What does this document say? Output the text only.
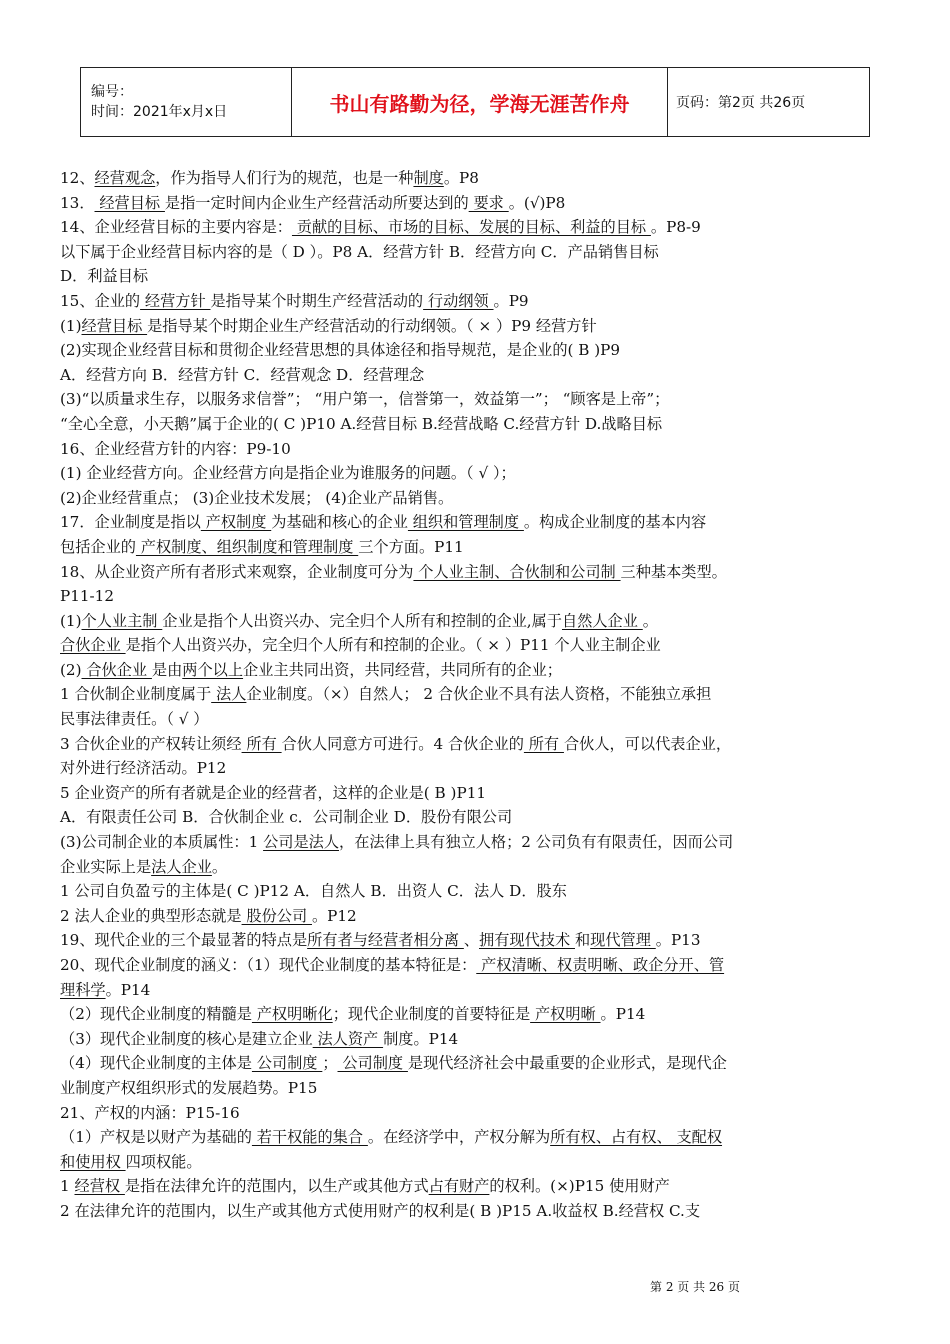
编号：
时间：2021年x月x日	书山有路勤为径，学海无涯苦作舟	页码：第2页 共26页
12、经营观念，作为指导人们行为的规范，也是一种制度。P8
13． 经营目标 是指一定时间内企业生产经营活动所要达到的 要求 。(√)P8
14、企业经营目标的主要内容是： 贡献的目标、市场的目标、发展的目标、利益的目标 。P8-9
以下属于企业经营目标内容的是（ D ）。P8 A．经营方针 B．经营方向 C．产品销售目标
D．利益目标
15、企业的 经营方针 是指导某个时期生产经营活动的 行动纲领 。P9
(1)经营目标 是指导某个时期企业生产经营活动的行动纲领。（ × ）P9 经营方针
(2)实现企业经营目标和贯彻企业经营思想的具体途径和指导规范，是企业的( B )P9
A．经营方向 B．经营方针 C．经营观念 D．经营理念
(3)“以质量求生存，以服务求信誉”； “用户第一，信誉第一，效益第一”； “顾客是上帝”；
“全心全意，小天鹅”属于企业的( C )P10 A.经营目标 B.经营战略 C.经营方针 D.战略目标
16、企业经营方针的内容：P9-10
(1) 企业经营方向。企业经营方向是指企业为谁服务的问题。（ √ ）；
(2)企业经营重点； (3)企业技术发展； (4)企业产品销售。
17．企业制度是指以 产权制度 为基础和核心的企业 组织和管理制度 。构成企业制度的基本内容
包括企业的 产权制度、组织制度和管理制度 三个方面。P11
18、从企业资产所有者形式来观察，企业制度可分为 个人业主制、合伙制和公司制 三种基本类型。
P11-12
(1)个人业主制 企业是指个人出资兴办、完全归个人所有和控制的企业,属于自然人企业 。
合伙企业 是指个人出资兴办，完全归个人所有和控制的企业。（ × ）P11 个人业主制企业
(2) 合伙企业 是由两个以上企业主共同出资，共同经营，共同所有的企业；
1 合伙制企业制度属于 法人企业制度。（×）自然人； 2 合伙企业不具有法人资格，不能独立承担
民事法律责任。（ √ ）
3 合伙企业的产权转让须经 所有 合伙人同意方可进行。4 合伙企业的 所有 合伙人，可以代表企业，
对外进行经济活动。P12
5 企业资产的所有者就是企业的经营者，这样的企业是( B )P11
A．有限责任公司 B．合伙制企业 c．公司制企业 D．股份有限公司
(3)公司制企业的本质属性：1 公司是法人，在法律上具有独立人格；2 公司负有有限责任，因而公司
企业实际上是法人企业。
1 公司自负盈亏的主体是( C )P12 A．自然人 B．出资人 C．法人 D．股东
2 法人企业的典型形态就是 股份公司 。P12
19、现代企业的三个最显著的特点是所有者与经营者相分离 、拥有现代技术 和现代管理 。P13
20、现代企业制度的涵义：（1）现代企业制度的基本特征是： 产权清晰、权责明晰、政企分开、管
理科学。P14
（2）现代企业制度的精髓是 产权明晰化；现代企业制度的首要特征是 产权明晰 。P14
（3）现代企业制度的核心是建立企业 法人资产 制度。P14
（4）现代企业制度的主体是 公司制度 ； 公司制度 是现代经济社会中最重要的企业形式，是现代企
业制度产权组织形式的发展趋势。P15
21、产权的内涵：P15-16
（1）产权是以财产为基础的 若干权能的集合 。在经济学中，产权分解为所有权、占有权、 支配权
和使用权 四项权能。
1 经营权 是指在法律允许的范围内，以生产或其他方式占有财产的权利。(×)P15 使用财产
2 在法律允许的范围内，以生产或其他方式使用财产的权利是( B )P15 A.收益权 B.经营权 C.支
第 2 页 共 26 页
